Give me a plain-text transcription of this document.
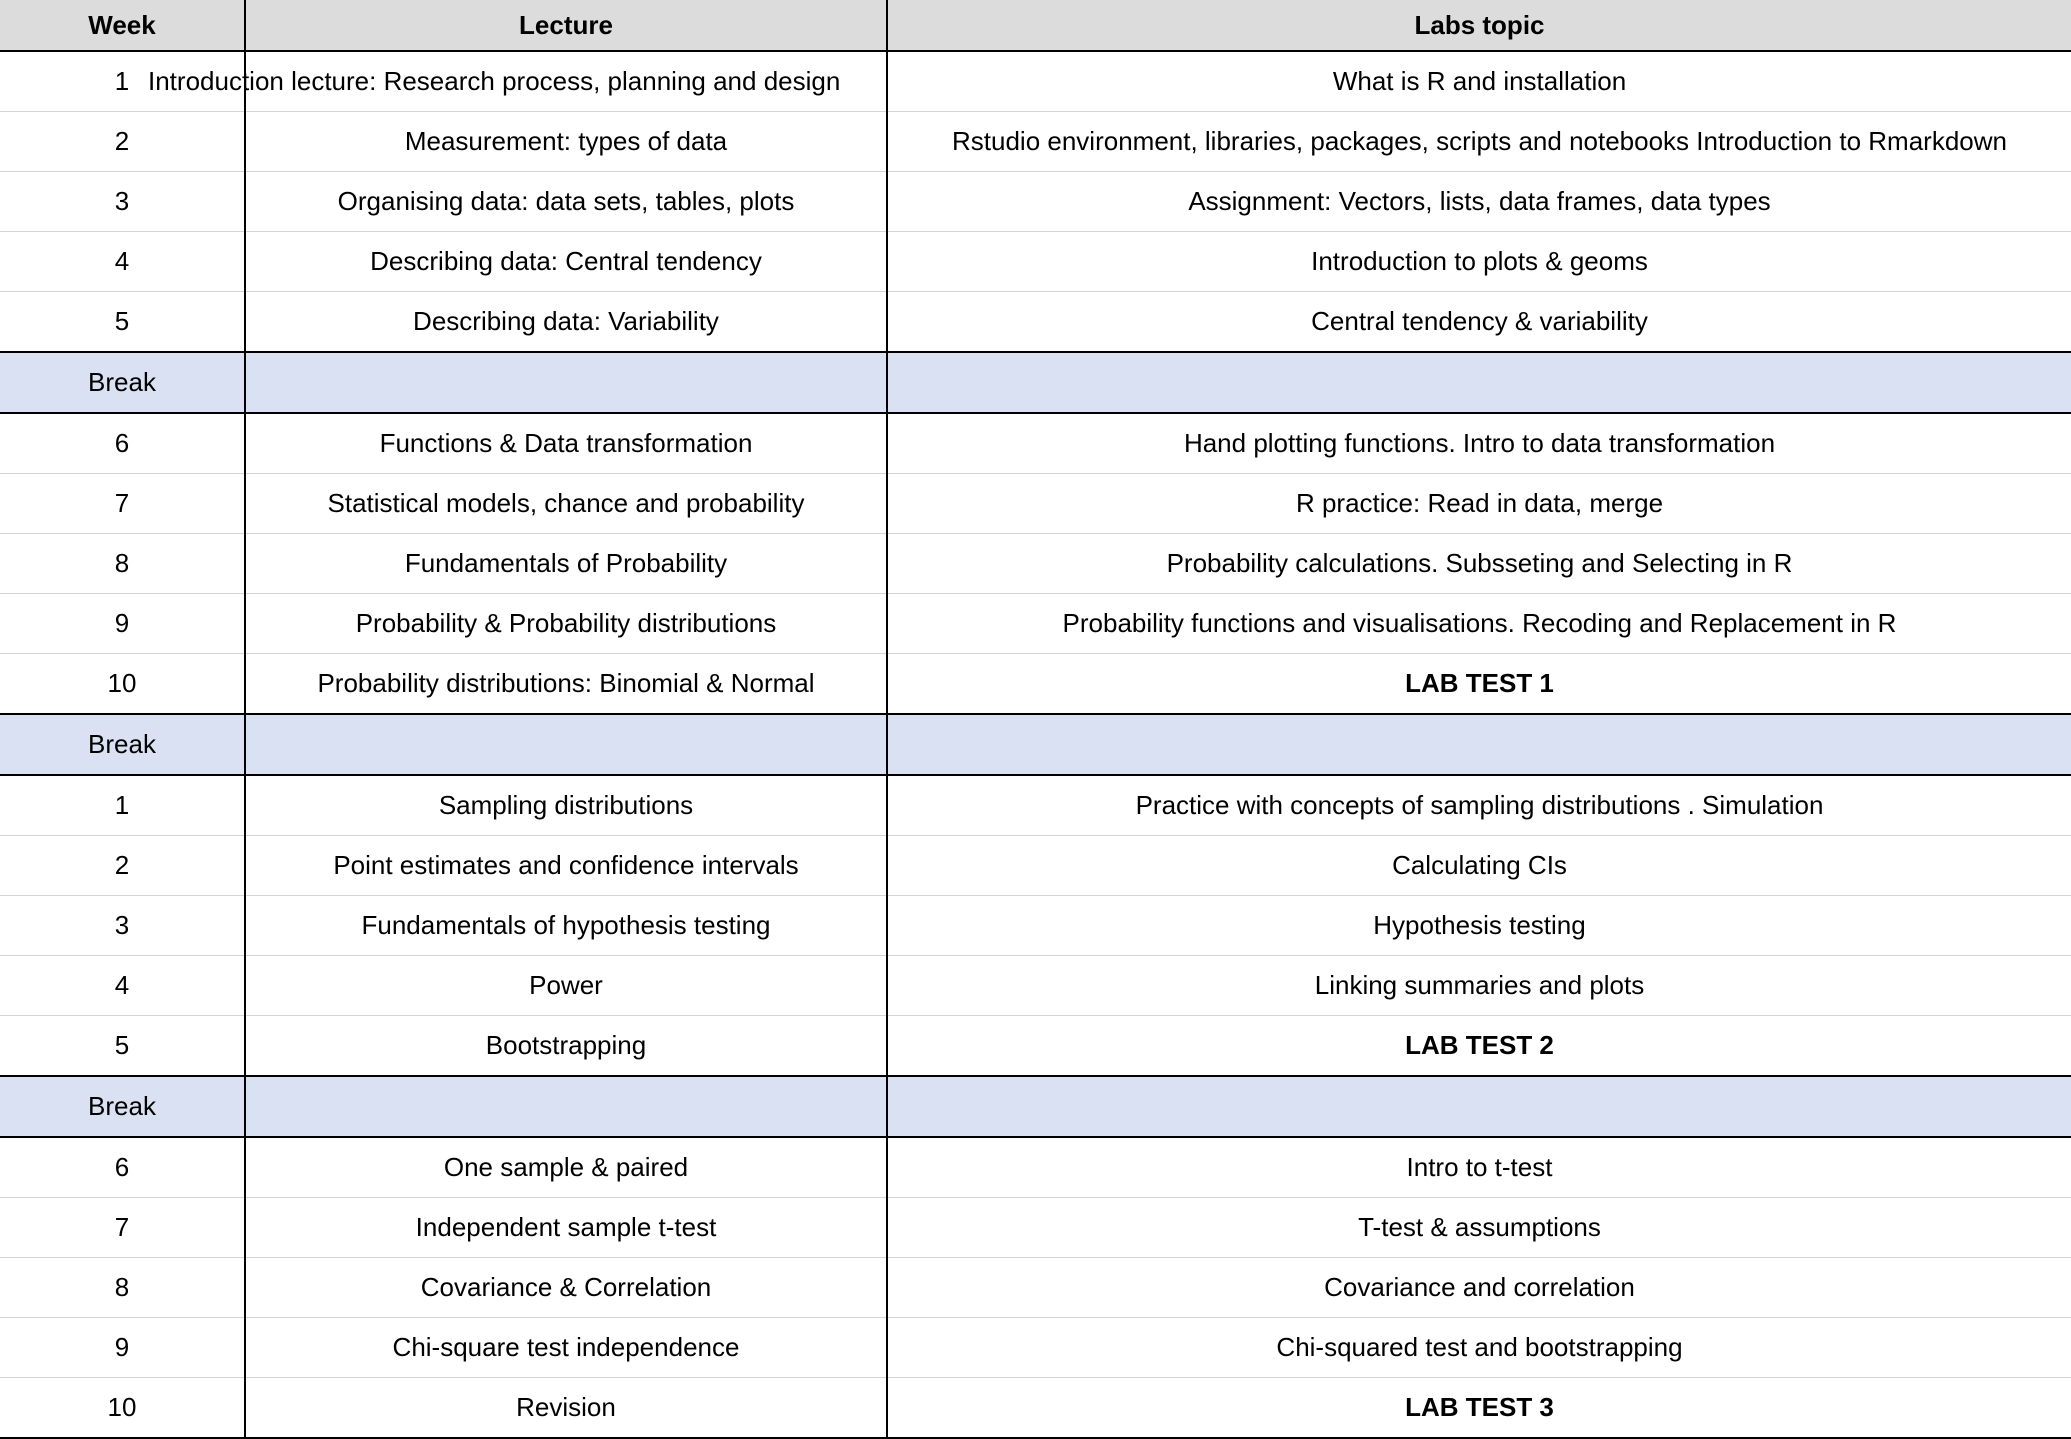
Week	Lecture	Labs topic
1	Introduction lecture: Research process, planning and design	What is R and installation
2	Measurement: types of data	Rstudio environment, libraries, packages, scripts and notebooks Introduction to Rmarkdown
3	Organising data: data sets, tables, plots	Assignment: Vectors, lists, data frames, data types
4	Describing data: Central tendency	Introduction to plots & geoms
5	Describing data: Variability	Central tendency & variability
Break		
6	Functions & Data transformation	Hand plotting functions. Intro to data transformation
7	Statistical models, chance and probability	R practice: Read in data, merge
8	Fundamentals of Probability	Probability calculations. Subsseting and Selecting in R
9	Probability & Probability distributions	Probability functions and visualisations. Recoding and Replacement in R
10	Probability distributions: Binomial & Normal	LAB TEST 1
Break		
1	Sampling distributions	Practice with concepts of sampling distributions . Simulation
2	Point estimates and confidence intervals	Calculating CIs
3	Fundamentals of hypothesis testing	Hypothesis testing
4	Power	Linking summaries and plots
5	Bootstrapping	LAB TEST 2
Break		
6	One sample & paired	Intro to t-test
7	Independent sample t-test	T-test & assumptions
8	Covariance & Correlation	Covariance and correlation
9	Chi-square test independence	Chi-squared test and bootstrapping
10	Revision	LAB TEST 3
